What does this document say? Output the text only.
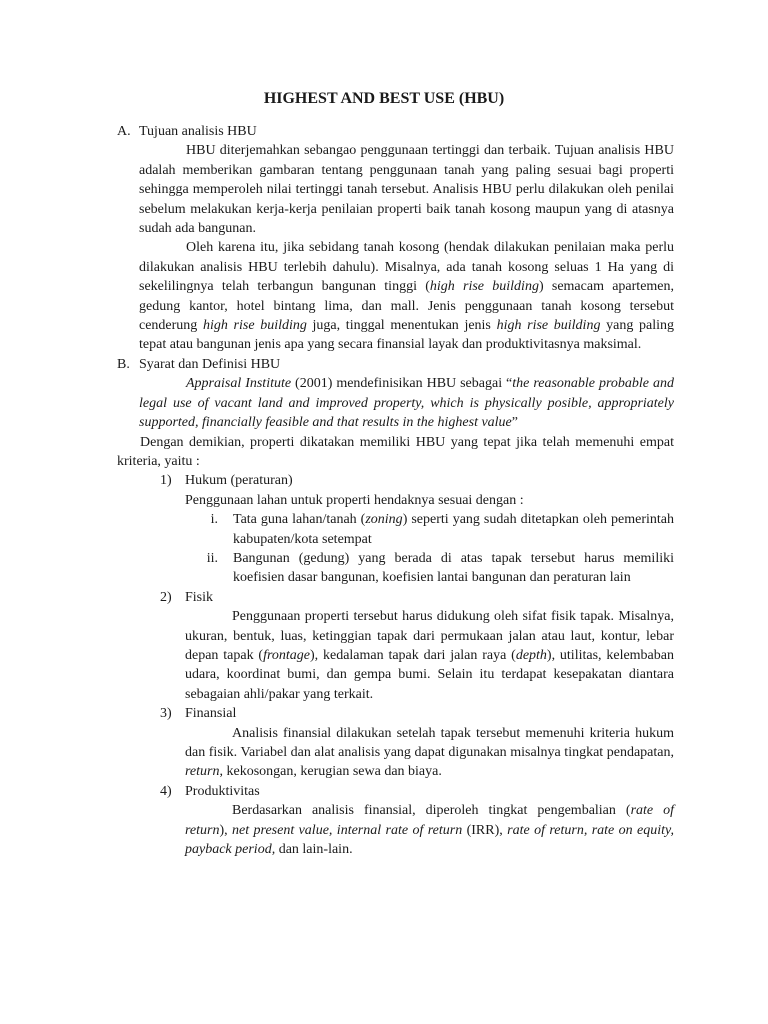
HIGHEST AND BEST USE (HBU)
A. Tujuan analisis HBU

HBU diterjemahkan sebangao penggunaan tertinggi dan terbaik. Tujuan analisis HBU adalah memberikan gambaran tentang penggunaan tanah yang paling sesuai bagi properti sehingga memperoleh nilai tertinggi tanah tersebut. Analisis HBU perlu dilakukan oleh penilai sebelum melakukan kerja-kerja penilaian properti baik tanah kosong maupun yang di atasnya sudah ada bangunan.

Oleh karena itu, jika sebidang tanah kosong (hendak dilakukan penilaian maka perlu dilakukan analisis HBU terlebih dahulu). Misalnya, ada tanah kosong seluas 1 Ha yang di sekelilingnya telah terbangun bangunan tinggi (high rise building) semacam apartemen, gedung kantor, hotel bintang lima, dan mall. Jenis penggunaan tanah kosong tersebut cenderung high rise building juga, tinggal menentukan jenis high rise building yang paling tepat atau bangunan jenis apa yang secara finansial layak dan produktivitasnya maksimal.

B. Syarat dan Definisi HBU

Appraisal Institute (2001) mendefinisikan HBU sebagai “the reasonable probable and legal use of vacant land and improved property, which is physically posible, appropriately supported, financially feasible and that results in the highest value”

Dengan demikian, properti dikatakan memiliki HBU yang tepat jika telah memenuhi empat kriteria, yaitu :

1) Hukum (peraturan)
Penggunaan lahan untuk properti hendaknya sesuai dengan :
i. Tata guna lahan/tanah (zoning) seperti yang sudah ditetapkan oleh pemerintah kabupaten/kota setempat

ii. Bangunan (gedung) yang berada di atas tapak tersebut harus memiliki koefisien dasar bangunan, koefisien lantai bangunan dan peraturan lain

2) Fisik

Penggunaan properti tersebut harus didukung oleh sifat fisik tapak. Misalnya, ukuran, bentuk, luas, ketinggian tapak dari permukaan jalan atau laut, kontur, lebar depan tapak (frontage), kedalaman tapak dari jalan raya (depth), utilitas, kelembaban udara, koordinat bumi, dan gempa bumi. Selain itu terdapat kesepakatan diantara sebagaian ahli/pakar yang terkait.

3) Finansial

Analisis finansial dilakukan setelah tapak tersebut memenuhi kriteria hukum dan fisik. Variabel dan alat analisis yang dapat digunakan misalnya tingkat pendapatan, return, kekosongan, kerugian sewa dan biaya.

4) Produktivitas

Berdasarkan analisis finansial, diperoleh tingkat pengembalian (rate of return), net present value, internal rate of return (IRR), rate of return, rate on equity, payback period, dan lain-lain.
